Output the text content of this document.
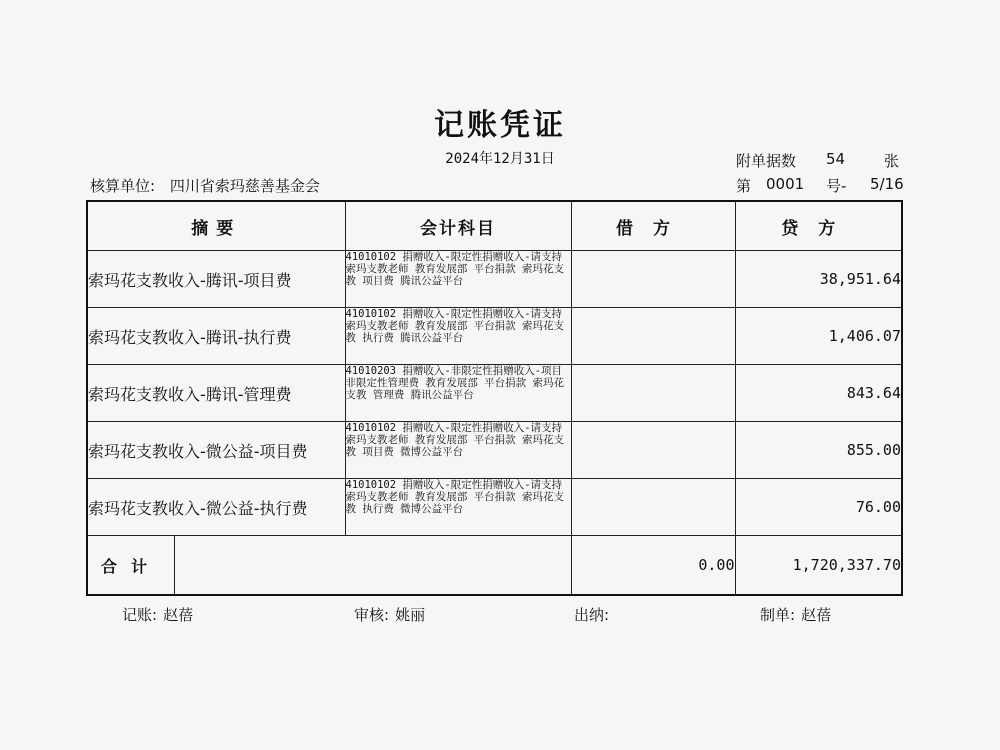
记账凭证
2024年12月31日	附单据数 54	张
核算单位: 四川省索玛慈善基金会	第 0001 号- 5/16
摘要	会计科目	借方	贷方
索玛花支教收入-腾讯-项目费	41010102 捐赠收入-限定性捐赠收入-请支持索玛支教老师 教育发展部 平台捐款 索玛花支教 项目费 腾讯公益平台		38,951.64
索玛花支教收入-腾讯-执行费	41010102 捐赠收入-限定性捐赠收入-请支持索玛支教老师 教育发展部 平台捐款 索玛花支教 执行费 腾讯公益平台		1,406.07
索玛花支教收入-腾讯-管理费	41010203 捐赠收入-非限定性捐赠收入-项目非限定性管理费 教育发展部 平台捐款 索玛花支教 管理费 腾讯公益平台		843.64
索玛花支教收入-微公益-项目费	41010102 捐赠收入-限定性捐赠收入-请支持索玛支教老师 教育发展部 平台捐款 索玛花支教 项目费 微博公益平台		855.00
索玛花支教收入-微公益-执行费	41010102 捐赠收入-限定性捐赠收入-请支持索玛支教老师 教育发展部 平台捐款 索玛花支教 执行费 微博公益平台		76.00

合计		0.00	1,720,337.70
记账: 赵蓓	审核: 姚丽	出纳:	制单: 赵蓓
